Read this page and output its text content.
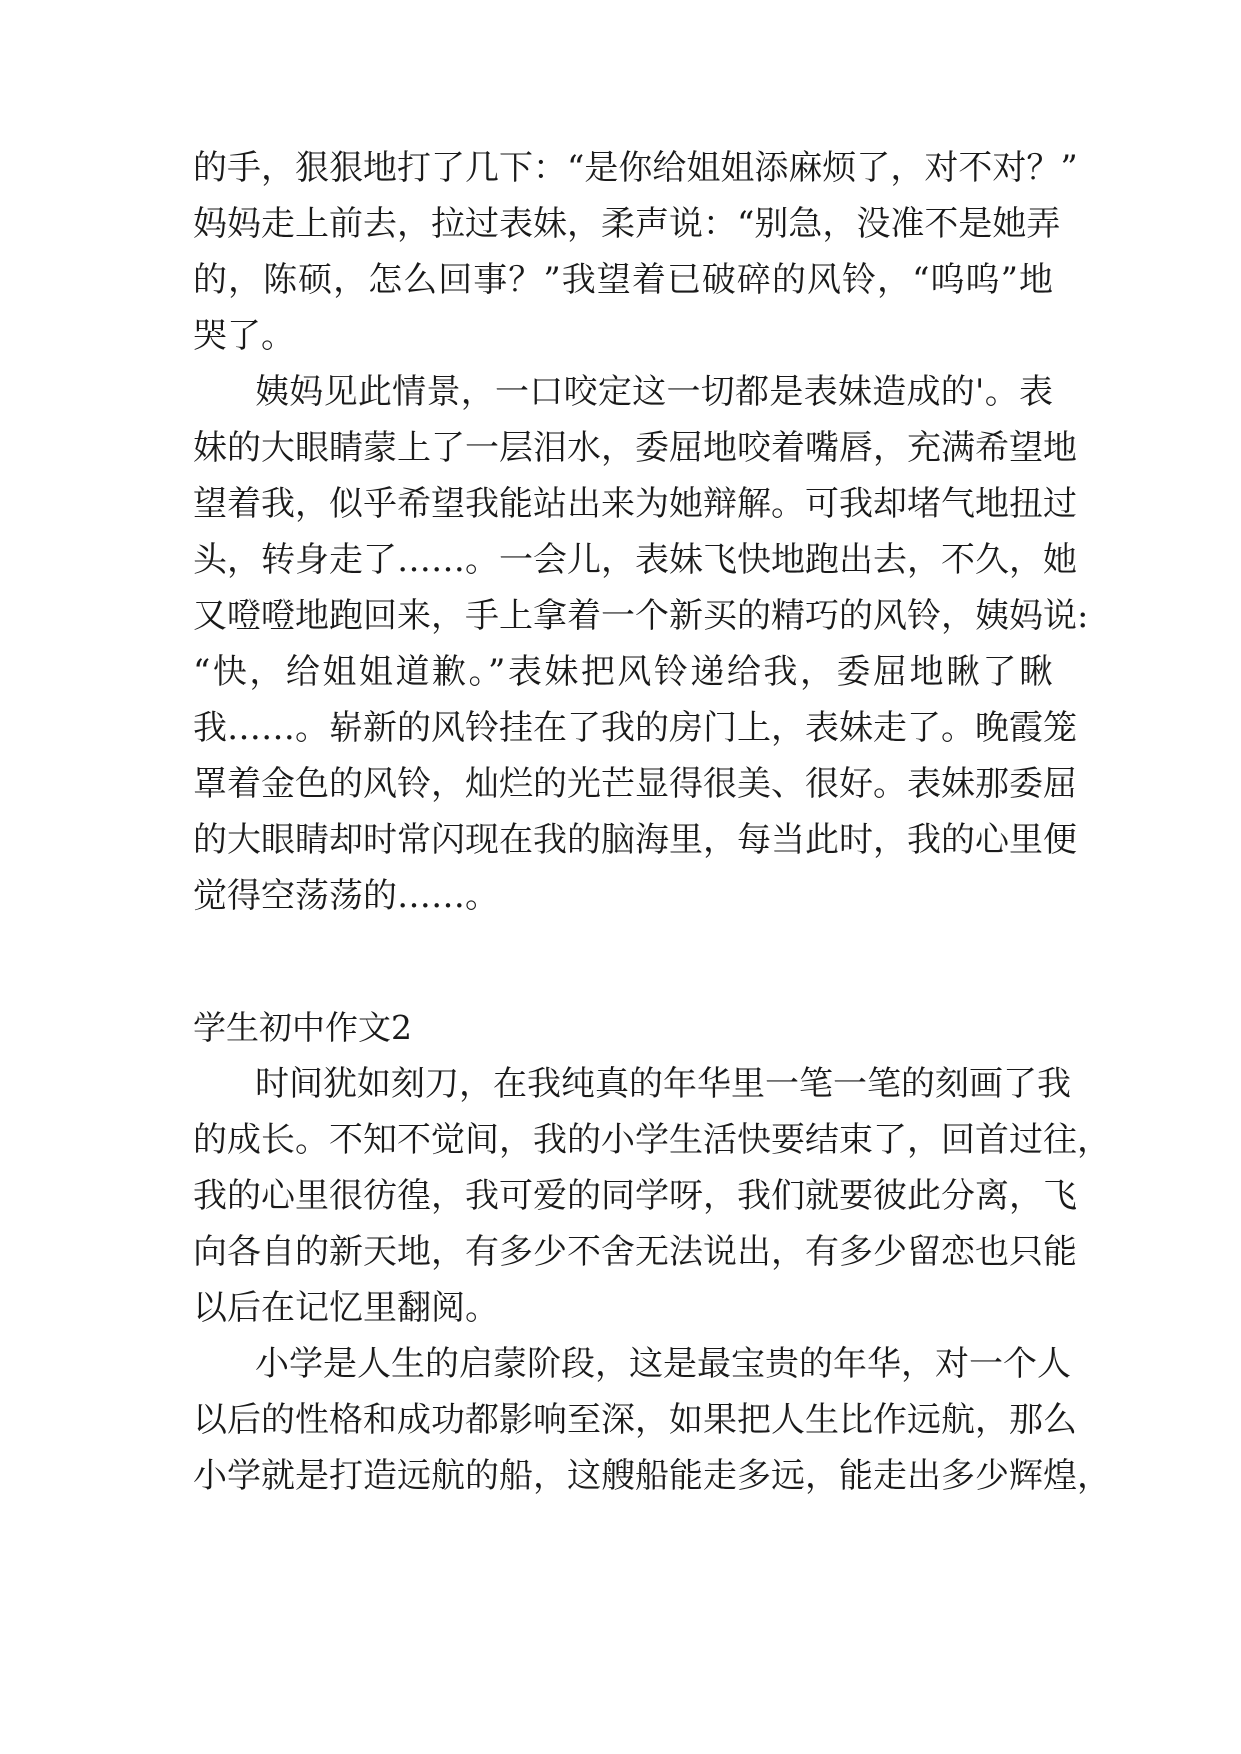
的手，狠狠地打了几下：“是你给姐姐添麻烦了，对不对？”
妈妈走上前去，拉过表妹，柔声说：“别急，没准不是她弄
的，陈硕，怎么回事？”我望着已破碎的风铃，“呜呜”地
哭了。
姨妈见此情景，一口咬定这一切都是表妹造成的'。表
妹的大眼睛蒙上了一层泪水，委屈地咬着嘴唇，充满希望地
望着我，似乎希望我能站出来为她辩解。可我却堵气地扭过
头，转身走了……。一会儿，表妹飞快地跑出去，不久，她
又噔噔地跑回来，手上拿着一个新买的精巧的风铃，姨妈说:
“快，给姐姐道歉。”表妹把风铃递给我，委屈地瞅了瞅
我……。崭新的风铃挂在了我的房门上，表妹走了。晚霞笼
罩着金色的风铃，灿烂的光芒显得很美、很好。表妹那委屈
的大眼睛却时常闪现在我的脑海里，每当此时，我的心里便
觉得空荡荡的……。
学生初中作文2
时间犹如刻刀，在我纯真的年华里一笔一笔的刻画了我
的成长。不知不觉间，我的小学生活快要结束了，回首过往，
我的心里很彷徨，我可爱的同学呀，我们就要彼此分离，飞
向各自的新天地，有多少不舍无法说出，有多少留恋也只能
以后在记忆里翻阅。
小学是人生的启蒙阶段，这是最宝贵的年华，对一个人
以后的性格和成功都影响至深，如果把人生比作远航，那么
小学就是打造远航的船，这艘船能走多远，能走出多少辉煌，
